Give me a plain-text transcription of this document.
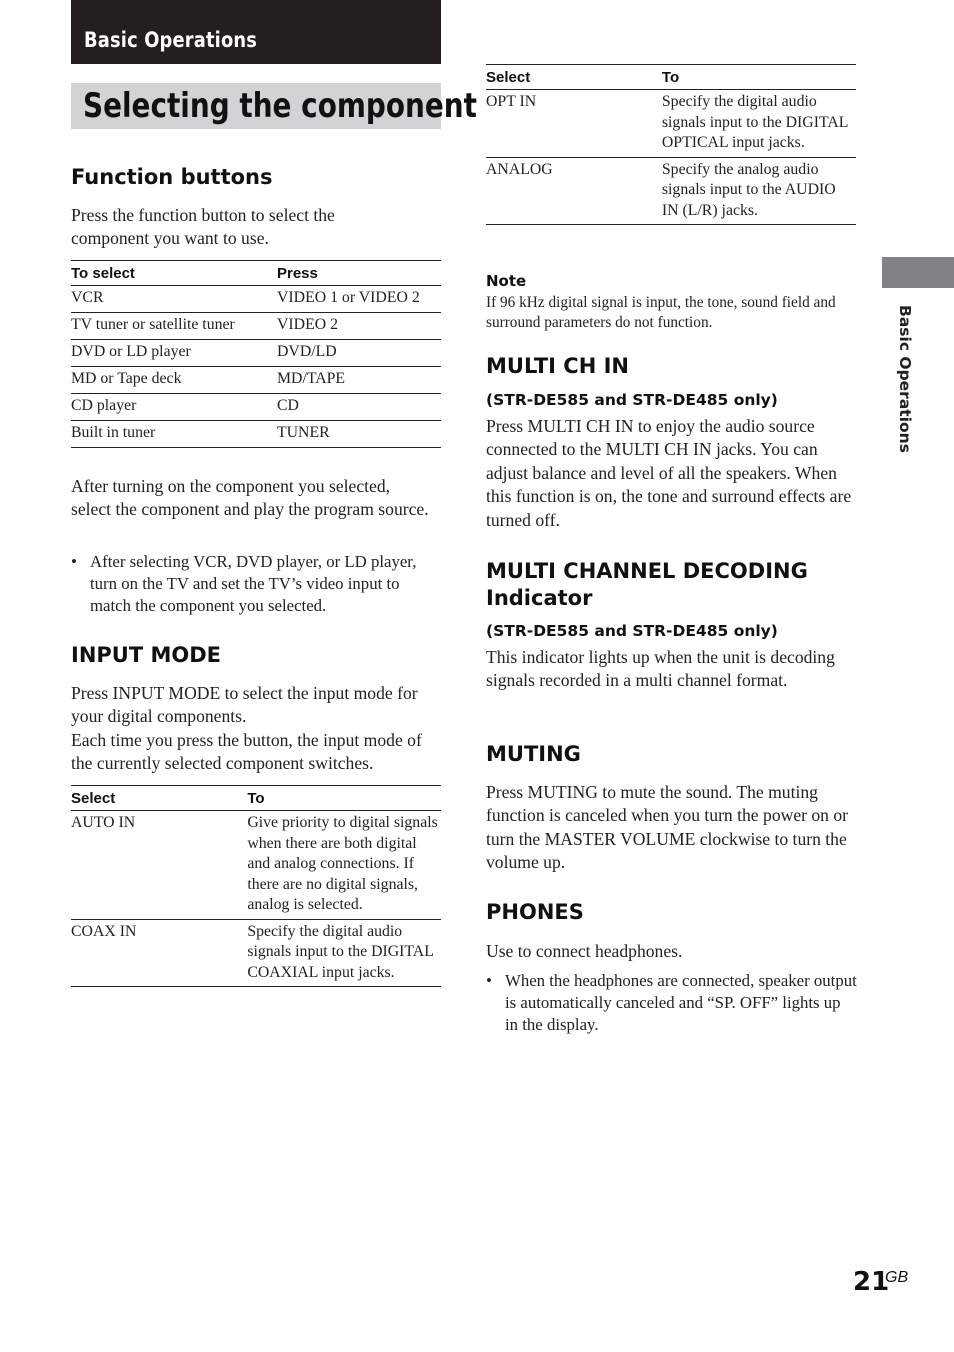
Basic Operations
Selecting the component
Function buttons

Press the function button to select the component you want to use.

To select	Press
VCR	VIDEO 1 or VIDEO 2
TV tuner or satellite tuner	VIDEO 2
DVD or LD player	DVD/LD
MD or Tape deck	MD/TAPE
CD player	CD
Built in tuner	TUNER

After turning on the component you selected, select the component and play the program source.

• After selecting VCR, DVD player, or LD player, turn on the TV and set the TV’s video input to match the component you selected.
INPUT MODE

Press INPUT MODE to select the input mode for your digital components.

Each time you press the button, the input mode of the currently selected component switches.

Select	To
AUTO IN	Give priority to digital signals when there are both digital and analog connections. If there are no digital signals, analog is selected.
COAX IN	Specify the digital audio signals input to the DIGITAL COAXIAL input jacks.
Select	To
OPT IN	Specify the digital audio signals input to the DIGITAL OPTICAL input jacks.
ANALOG	Specify the analog audio signals input to the AUDIO IN (L/R) jacks.
Note

If 96 kHz digital signal is input, the tone, sound field and surround parameters do not function.

MULTI CH IN
(STR-DE585 and STR-DE485 only)

Press MULTI CH IN to enjoy the audio source connected to the MULTI CH IN jacks. You can adjust balance and level of all the speakers. When this function is on, the tone and surround effects are turned off.

MULTI CHANNEL DECODING
Indicator
(STR-DE585 and STR-DE485 only)

This indicator lights up when the unit is decoding signals recorded in a multi channel format.

MUTING

Press MUTING to mute the sound. The muting function is canceled when you turn the power on or turn the MASTER VOLUME clockwise to turn the volume up.

PHONES

Use to connect headphones.

• When the headphones are connected, speaker output is automatically canceled and “SP. OFF” lights up in the display.
Basic Operations
21
GB
